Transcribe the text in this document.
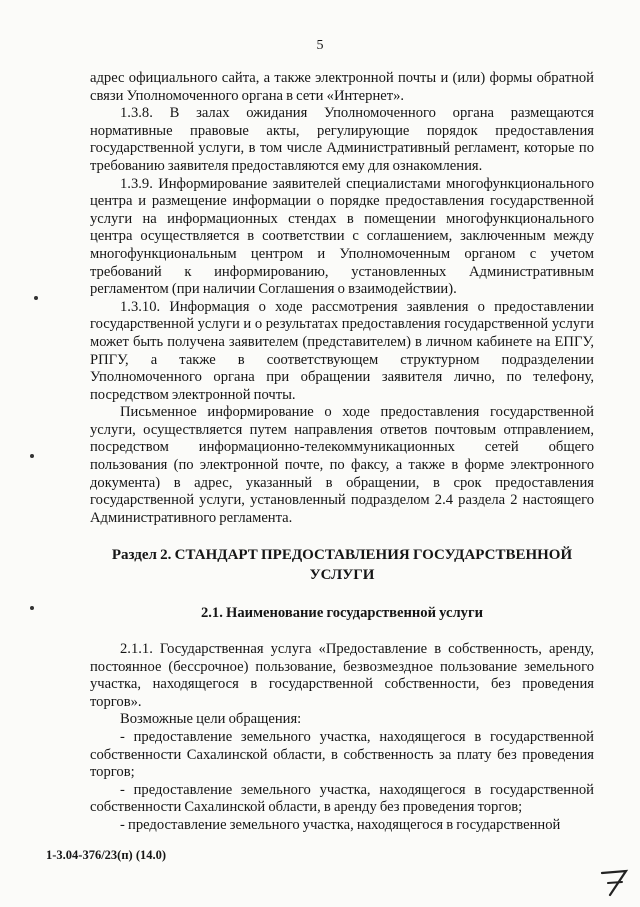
5

адрес официального сайта, а также электронной почты и (или) формы обратной связи Уполномоченного органа в сети «Интернет».

1.3.8. В залах ожидания Уполномоченного органа размещаются нормативные правовые акты, регулирующие порядок предоставления государственной услуги, в том числе Административный регламент, которые по требованию заявителя предоставляются ему для ознакомления.

1.3.9. Информирование заявителей специалистами многофункционального центра и размещение информации о порядке предоставления государственной услуги на информационных стендах в помещении многофункционального центра осуществляется в соответствии с соглашением, заключенным между многофункциональным центром и Уполномоченным органом с учетом требований к информированию, установленных Административным регламентом (при наличии Соглашения о взаимодействии).

1.3.10. Информация о ходе рассмотрения заявления о предоставлении государственной услуги и о результатах предоставления государственной услуги может быть получена заявителем (представителем) в личном кабинете на ЕПГУ, РПГУ, а также в соответствующем структурном подразделении Уполномоченного органа при обращении заявителя лично, по телефону, посредством электронной почты.

Письменное информирование о ходе предоставления государственной услуги, осуществляется путем направления ответов почтовым отправлением, посредством информационно-телекоммуникационных сетей общего пользования (по электронной почте, по факсу, а также в форме электронного документа) в адрес, указанный в обращении, в срок предоставления государственной услуги, установленный подразделом 2.4 раздела 2 настоящего Административного регламента.

Раздел 2. СТАНДАРТ ПРЕДОСТАВЛЕНИЯ ГОСУДАРСТВЕННОЙ УСЛУГИ

2.1. Наименование государственной услуги

2.1.1. Государственная услуга «Предоставление в собственность, аренду, постоянное (бессрочное) пользование, безвозмездное пользование земельного участка, находящегося в государственной собственности, без проведения торгов».

Возможные цели обращения:

- предоставление земельного участка, находящегося в государственной собственности Сахалинской области, в собственность за плату без проведения торгов;

- предоставление земельного участка, находящегося в государственной собственности Сахалинской области, в аренду без проведения торгов;

- предоставление земельного участка, находящегося в государственной

1-3.04-376/23(п) (14.0)
